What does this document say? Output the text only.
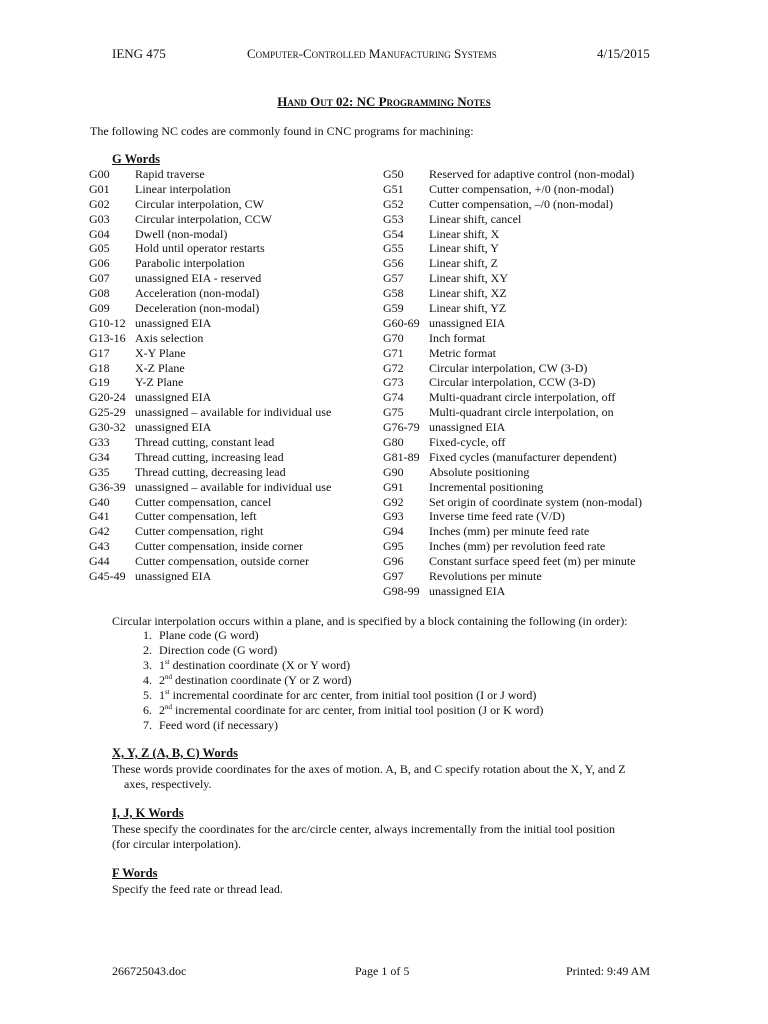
IENG 475	Computer-Controlled Manufacturing Systems	4/15/2015
Hand Out 02: NC Programming Notes
The following NC codes are commonly found in CNC programs for machining:
G Words
G00 Rapid traverse
G01 Linear interpolation
G02 Circular interpolation, CW
G03 Circular interpolation, CCW
G04 Dwell (non-modal)
G05 Hold until operator restarts
G06 Parabolic interpolation
G07 unassigned EIA - reserved
G08 Acceleration (non-modal)
G09 Deceleration (non-modal)
G10-12 unassigned EIA
G13-16 Axis selection
G17 X-Y Plane
G18 X-Z Plane
G19 Y-Z Plane
G20-24 unassigned EIA
G25-29 unassigned – available for individual use
G30-32 unassigned EIA
G33 Thread cutting, constant lead
G34 Thread cutting, increasing lead
G35 Thread cutting, decreasing lead
G36-39 unassigned – available for individual use
G40 Cutter compensation, cancel
G41 Cutter compensation, left
G42 Cutter compensation, right
G43 Cutter compensation, inside corner
G44 Cutter compensation, outside corner
G45-49 unassigned EIA
G50 Reserved for adaptive control (non-modal)
G51 Cutter compensation, +/0 (non-modal)
G52 Cutter compensation, –/0 (non-modal)
G53 Linear shift, cancel
G54 Linear shift, X
G55 Linear shift, Y
G56 Linear shift, Z
G57 Linear shift, XY
G58 Linear shift, XZ
G59 Linear shift, YZ
G60-69 unassigned EIA
G70 Inch format
G71 Metric format
G72 Circular interpolation, CW (3-D)
G73 Circular interpolation, CCW (3-D)
G74 Multi-quadrant circle interpolation, off
G75 Multi-quadrant circle interpolation, on
G76-79 unassigned EIA
G80 Fixed-cycle, off
G81-89 Fixed cycles (manufacturer dependent)
G90 Absolute positioning
G91 Incremental positioning
G92 Set origin of coordinate system (non-modal)
G93 Inverse time feed rate (V/D)
G94 Inches (mm) per minute feed rate
G95 Inches (mm) per revolution feed rate
G96 Constant surface speed feet (m) per minute
G97 Revolutions per minute
G98-99 unassigned EIA
Circular interpolation occurs within a plane, and is specified by a block containing the following (in order):
1. Plane code (G word)
2. Direction code (G word)
3. 1st destination coordinate (X or Y word)
4. 2nd destination coordinate (Y or Z word)
5. 1st incremental coordinate for arc center, from initial tool position (I or J word)
6. 2nd incremental coordinate for arc center, from initial tool position (J or K word)
7. Feed word (if necessary)
X, Y, Z (A, B, C) Words
These words provide coordinates for the axes of motion. A, B, and C specify rotation about the X, Y, and Z
axes, respectively.
I, J, K Words
These specify the coordinates for the arc/circle center, always incrementally from the initial tool position
(for circular interpolation).
F Words
Specify the feed rate or thread lead.
266725043.doc	Page 1 of 5	Printed: 9:49 AM
